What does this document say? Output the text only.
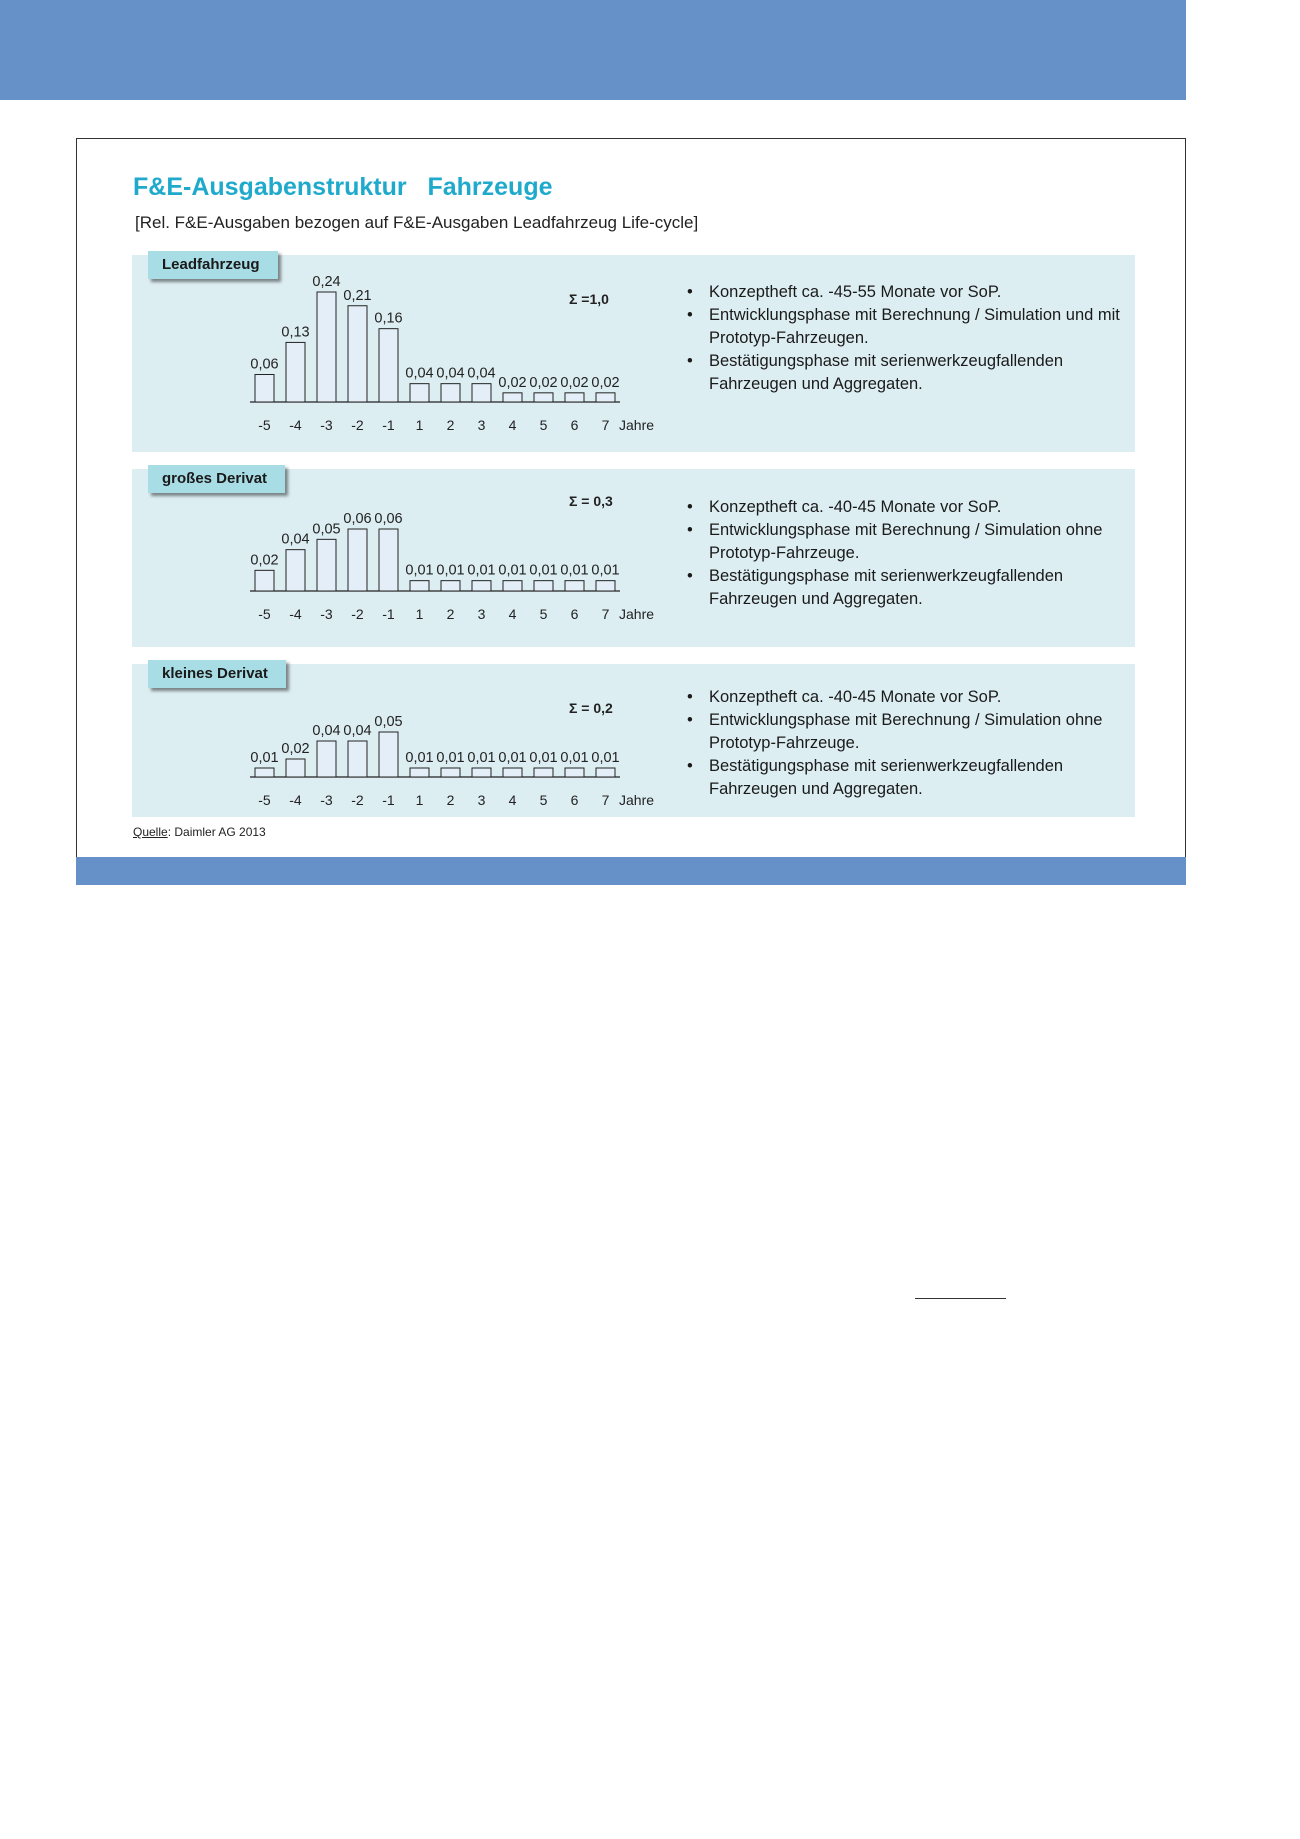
F&E-Ausgabenstruktur   Fahrzeuge
[Rel. F&E-Ausgaben bezogen auf F&E-Ausgaben Leadfahrzeug Life-cycle]
Leadfahrzeug
0,06
-5
0,13
-4
0,24
-3
0,21
-2
0,16
-1
0,04
1
0,04
2
0,04
3
0,02
4
0,02
5
0,02
6
0,02
7 Jahre
Σ =1,0	• Konzeptheft ca. -45-55 Monate vor SoP.
• Entwicklungsphase mit Berechnung / Simulation und mit Prototyp-Fahrzeugen.
• Bestätigungsphase mit serienwerkzeugfallenden Fahrzeugen und Aggregaten.
großes Derivat
0,02
-5
0,04
-4
0,05
-3
0,06
-2
0,06
-1
0,01
1
0,01
2
0,01
3
0,01
4
0,01
5
0,01
6
0,01
7 Jahre
Σ = 0,3	• Konzeptheft ca. -40-45 Monate vor SoP.
• Entwicklungsphase mit Berechnung / Simulation ohne Prototyp-Fahrzeuge.
• Bestätigungsphase mit serienwerkzeugfallenden Fahrzeugen und Aggregaten.
kleines Derivat
0,01
-5
0,02
-4
0,04
-3
0,04
-2
0,05
-1
0,01
1
0,01
2
0,01
3
0,01
4
0,01
5
0,01
6
0,01
7 Jahre
Σ = 0,2
• Konzeptheft ca. -40-45 Monate vor SoP.
• Entwicklungsphase mit Berechnung / Simulation ohne Prototyp-Fahrzeuge.
• Bestätigungsphase mit serienwerkzeugfallenden Fahrzeugen und Aggregaten.
Quelle: Daimler AG 2013
